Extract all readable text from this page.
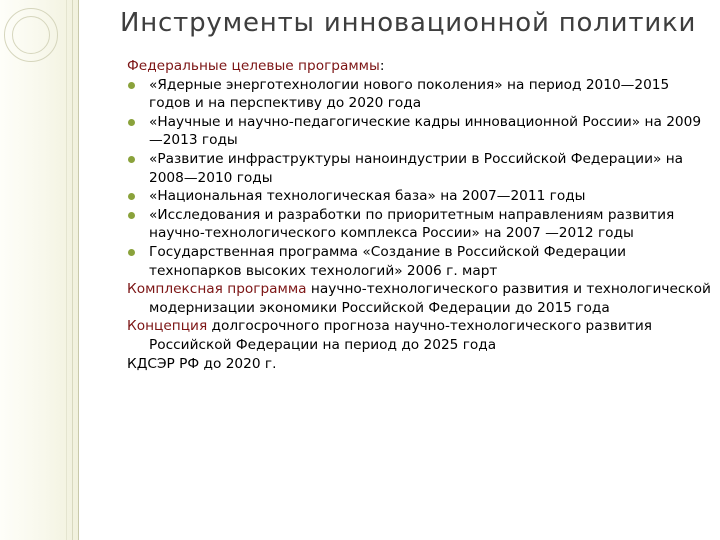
Инструменты инновационной политики

Федеральные целевые программы:

«Ядерные энерготехнологии нового поколения» на период 2010—2015 годов и на перспективу до 2020 года
«Научные и научно-педагогические кадры инновационной России» на 2009—2013 годы
«Развитие инфраструктуры наноиндустрии в Российской Федерации» на 2008—2010 годы
«Национальная технологическая база» на 2007—2011 годы
«Исследования и разработки по приоритетным направлениям развития научно-технологического комплекса России» на 2007 —2012 годы
Государственная программа «Создание в Российской Федерации технопарков высоких технологий» 2006 г. март

Комплексная программа научно-технологического развития и технологической модернизации экономики Российской Федерации до 2015 года

Концепция долгосрочного прогноза научно-технологического развития Российской Федерации на период до 2025 года

КДСЭР РФ до 2020 г.
